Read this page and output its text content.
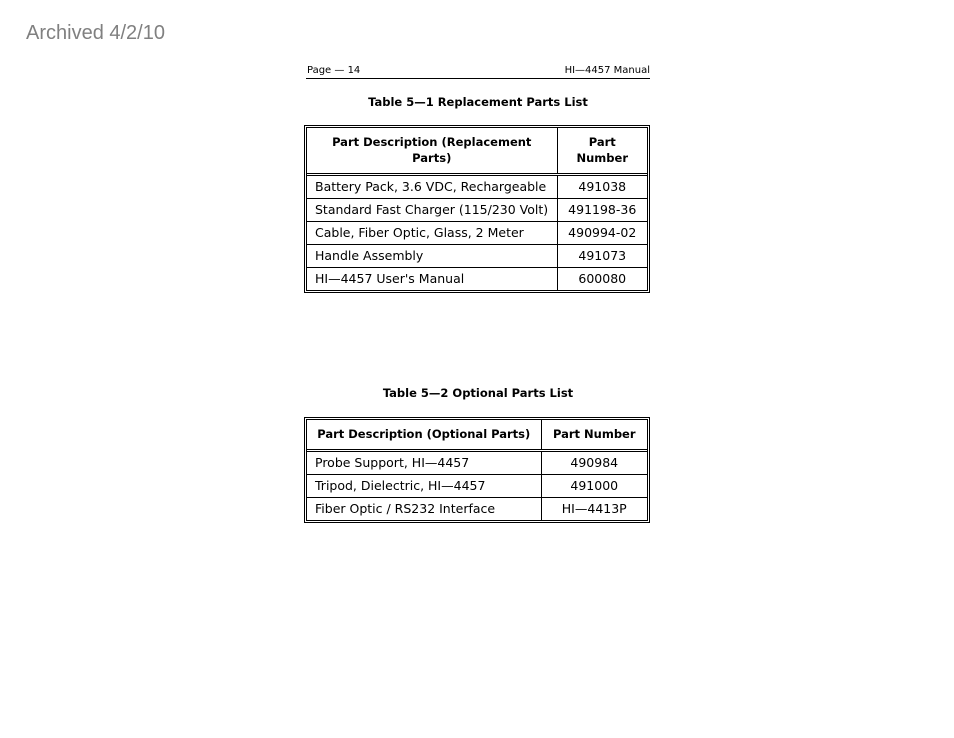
Archived 4/2/10
Page — 14	HI—4457 Manual
Table 5—1 Replacement Parts List
Part Description (Replacement Parts)	Part Number
Battery Pack, 3.6 VDC, Rechargeable	491038
Standard Fast Charger (115/230 Volt)	491198-36
Cable, Fiber Optic, Glass, 2 Meter	490994-02
Handle Assembly	491073
HI—4457 User's Manual	600080
Table 5—2 Optional Parts List
Part Description (Optional Parts)	Part Number
Probe Support, HI—4457	490984
Tripod, Dielectric, HI—4457	491000
Fiber Optic / RS232 Interface	HI—4413P
